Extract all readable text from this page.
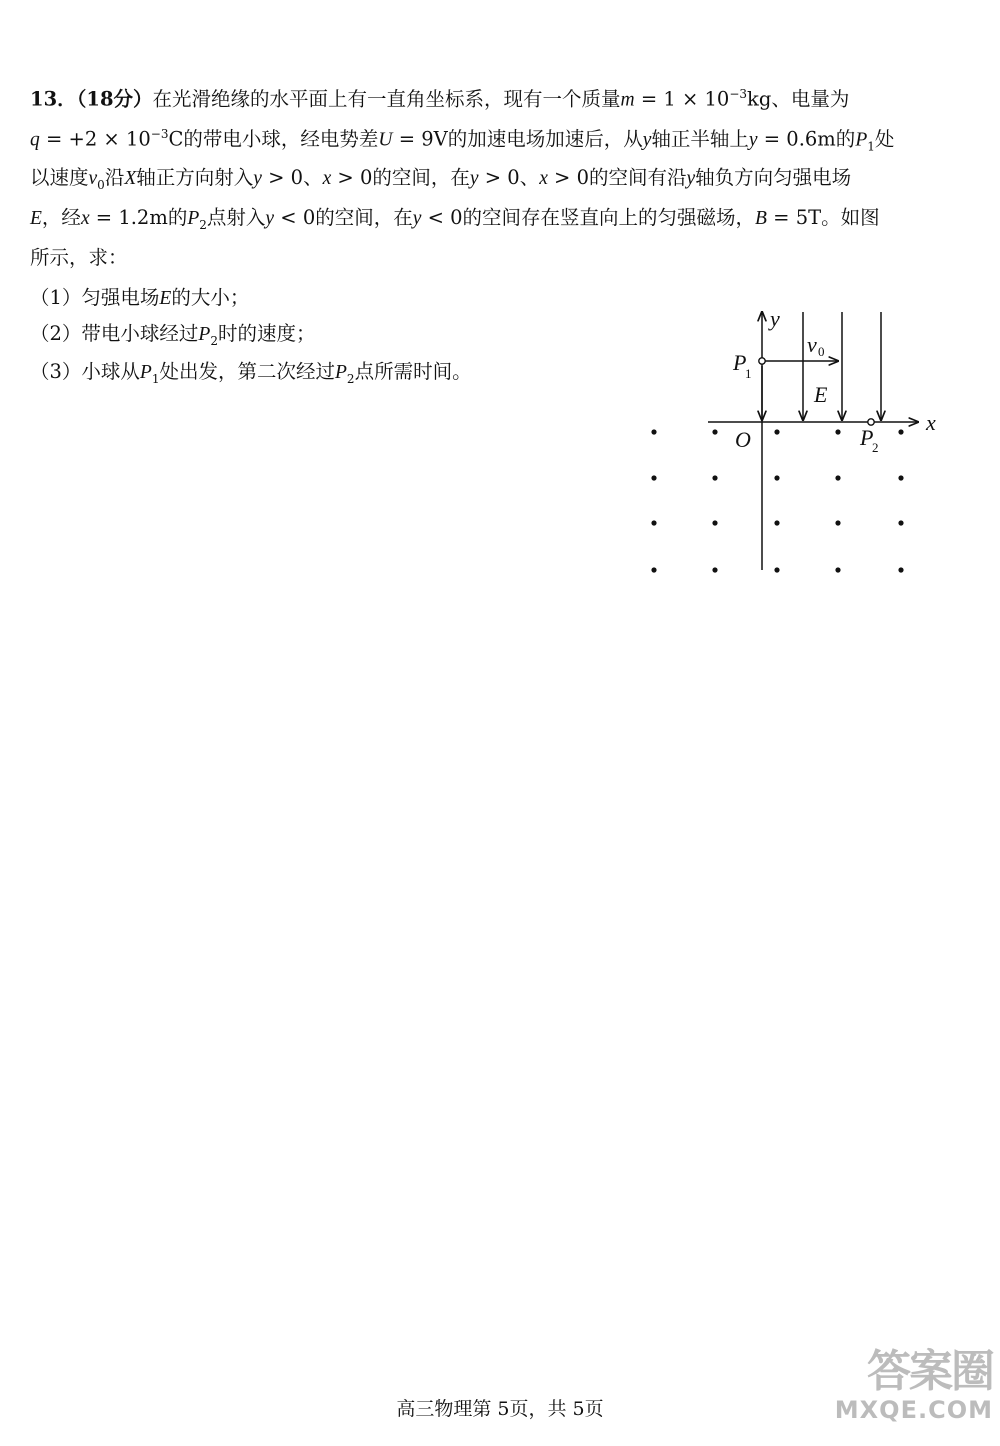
13．（18分）在光滑绝缘的水平面上有一直角坐标系，现有一个质量$m = 1 \times 10^{-3}kg$、电量为
$q = +2 \times 10^{-3}C$的带电小球，经电势差U = 9V的加速电场加速后，从y轴正半轴上y = 0.6m的$P_1$处
以速度$v_0$沿X轴正方向射入y > 0、x > 0的空间，在y > 0、x > 0的空间有沿y轴负方向匀强电场
E，经x = 1.2m的$P_2$点射入y < 0的空间，在y < 0的空间存在竖直向上的匀强磁场，B = 5T。如图
所示，求：
（1）匀强电场E的大小；
（2）带电小球经过$P_2$时的速度；
（3）小球从$P_1$处出发，第二次经过$P_2$点所需时间。
y
x
O
P
1
P
2
v 0
E
高三物理第 5页，共 5页
答案圈
MXQE.COM
